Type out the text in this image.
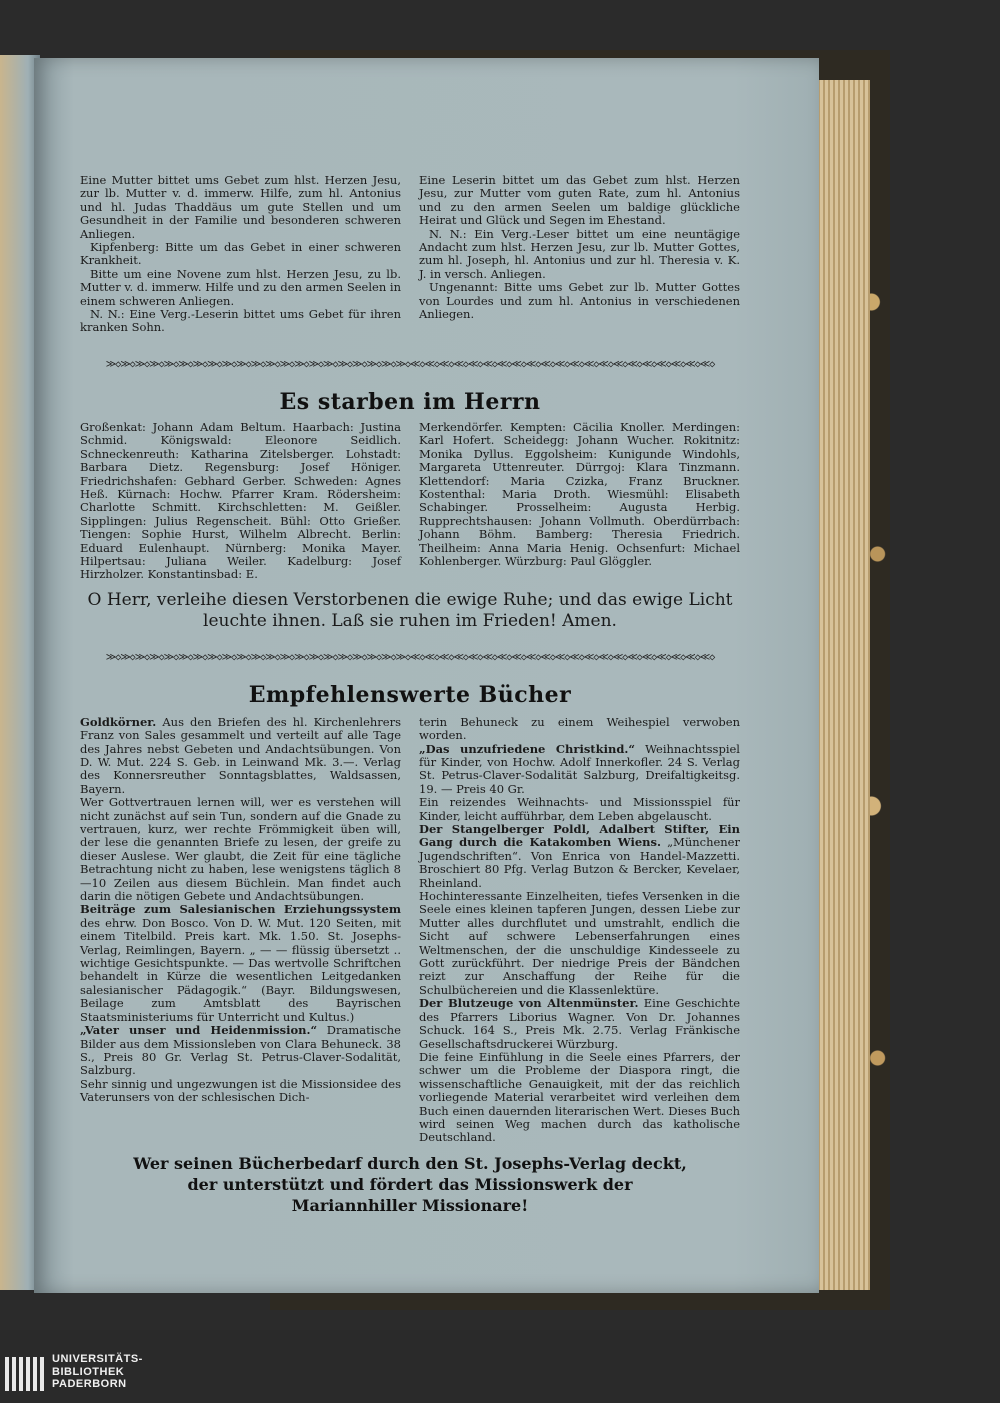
Eine Mutter bittet ums Gebet zum hlst. Herzen Jesu, zur lb. Mutter v. d. immerw. Hilfe, zum hl. Antonius und hl. Judas Thaddäus um gute Stellen und um Gesundheit in der Familie und besonderen schweren Anliegen.

Kipfenberg: Bitte um das Gebet in einer schweren Krankheit.

Bitte um eine Novene zum hlst. Herzen Jesu, zu lb. Mutter v. d. immerw. Hilfe und zu den armen Seelen in einem schweren Anliegen.

N. N.: Eine Verg.-Leserin bittet ums Gebet für ihren kranken Sohn.

Eine Leserin bittet um das Gebet zum hlst. Herzen Jesu, zur Mutter vom guten Rate, zum hl. Antonius und zu den armen Seelen um baldige glückliche Heirat und Glück und Segen im Ehestand.

N. N.: Ein Verg.-Leser bittet um eine neuntägige Andacht zum hlst. Herzen Jesu, zur lb. Mutter Gottes, zum hl. Joseph, hl. Antonius und zur hl. Theresia v. K. J. in versch. Anliegen.

Ungenannt: Bitte ums Gebet zur lb. Mutter Gottes von Lourdes und zum hl. Antonius in verschiedenen Anliegen.

≫◇≫◇≫◇≫◇≫◇≫◇≫◇≫◇≫◇≫◇≫◇≫◇≫◇≫◇≫◇≫◇≫◇≫◇≫◇≫◇≫◇≪◇≪◇≪◇≪◇≪◇≪◇≪◇≪◇≪◇≪◇≪◇≪◇≪◇≪◇≪◇≪◇≪◇≪◇≪◇≪◇≪◇
Es starben im Herrn
Großenkat: Johann Adam Beltum. Haarbach: Justina Schmid. Königswald: Eleonore Seidlich. Schneckenreuth: Katharina Zitelsberger. Lohstadt: Barbara Dietz. Regensburg: Josef Höniger. Friedrichshafen: Gebhard Gerber. Schweden: Agnes Heß. Kürnach: Hochw. Pfarrer Kram. Rödersheim: Charlotte Schmitt. Kirchschletten: M. Geißler. Sipplingen: Julius Regenscheit. Bühl: Otto Grießer. Tiengen: Sophie Hurst, Wilhelm Albrecht. Berlin: Eduard Eulenhaupt. Nürnberg: Monika Mayer. Hilpertsau: Juliana Weiler. Kadelburg: Josef Hirzholzer. Konstantinsbad: E.
Merkendörfer. Kempten: Cäcilia Knoller. Merdingen: Karl Hofert. Scheidegg: Johann Wucher. Rokitnitz: Monika Dyllus. Eggolsheim: Kunigunde Windohls, Margareta Uttenreuter. Dürrgoj: Klara Tinzmann. Klettendorf: Maria Czizka, Franz Bruckner. Kostenthal: Maria Droth. Wiesmühl: Elisabeth Schabinger. Prosselheim: Augusta Herbig. Rupprechtshausen: Johann Vollmuth. Oberdürrbach: Johann Böhm. Bamberg: Theresia Friedrich. Theilheim: Anna Maria Henig. Ochsenfurt: Michael Kohlenberger. Würzburg: Paul Glöggler.

O Herr, verleihe diesen Verstorbenen die ewige Ruhe; und das ewige Licht leuchte ihnen. Laß sie ruhen im Frieden! Amen.

≫◇≫◇≫◇≫◇≫◇≫◇≫◇≫◇≫◇≫◇≫◇≫◇≫◇≫◇≫◇≫◇≫◇≫◇≫◇≫◇≫◇≪◇≪◇≪◇≪◇≪◇≪◇≪◇≪◇≪◇≪◇≪◇≪◇≪◇≪◇≪◇≪◇≪◇≪◇≪◇≪◇≪◇
Empfehlenswerte Bücher

Goldkörner. Aus den Briefen des hl. Kirchenlehrers Franz von Sales gesammelt und verteilt auf alle Tage des Jahres nebst Gebeten und Andachtsübungen. Von D. W. Mut. 224 S. Geb. in Leinwand Mk. 3.—. Verlag des Konnersreuther Sonntagsblattes, Waldsassen, Bayern.

Wer Gottvertrauen lernen will, wer es verstehen will nicht zunächst auf sein Tun, sondern auf die Gnade zu vertrauen, kurz, wer rechte Frömmigkeit üben will, der lese die genannten Briefe zu lesen, der greife zu dieser Auslese. Wer glaubt, die Zeit für eine tägliche Betrachtung nicht zu haben, lese wenigstens täglich 8—10 Zeilen aus diesem Büchlein. Man findet auch darin die nötigen Gebete und Andachtsübungen.

Beiträge zum Salesianischen Erziehungssystem des ehrw. Don Bosco. Von D. W. Mut. 120 Seiten, mit einem Titelbild. Preis kart. Mk. 1.50. St. Josephs-Verlag, Reimlingen, Bayern. „ — — flüssig übersetzt .. wichtige Gesichtspunkte. — Das wertvolle Schriftchen behandelt in Kürze die wesentlichen Leitgedanken salesianischer Pädagogik.“ (Bayr. Bildungswesen, Beilage zum Amtsblatt des Bayrischen Staatsministeriums für Unterricht und Kultus.)

„Vater unser und Heidenmission.“ Dramatische Bilder aus dem Missionsleben von Clara Behuneck. 38 S., Preis 80 Gr. Verlag St. Petrus-Claver-Sodalität, Salzburg.

Sehr sinnig und ungezwungen ist die Missionsidee des Vaterunsers von der schlesischen Dich-

terin Behuneck zu einem Weihespiel verwoben worden.

„Das unzufriedene Christkind.“ Weihnachtsspiel für Kinder, von Hochw. Adolf Innerkofler. 24 S. Verlag St. Petrus-Claver-Sodalität Salzburg, Dreifaltigkeitsg. 19. — Preis 40 Gr.

Ein reizendes Weihnachts- und Missionsspiel für Kinder, leicht aufführbar, dem Leben abgelauscht.

Der Stangelberger Poldl, Adalbert Stifter, Ein Gang durch die Katakomben Wiens. „Münchener Jugendschriften“. Von Enrica von Handel-Mazzetti. Broschiert 80 Pfg. Verlag Butzon & Bercker, Kevelaer, Rheinland.

Hochinteressante Einzelheiten, tiefes Versenken in die Seele eines kleinen tapferen Jungen, dessen Liebe zur Mutter alles durchflutet und umstrahlt, endlich die Sicht auf schwere Lebenserfahrungen eines Weltmenschen, der die unschuldige Kindesseele zu Gott zurückführt. Der niedrige Preis der Bändchen reizt zur Anschaffung der Reihe für die Schulbüchereien und die Klassenlektüre.

Der Blutzeuge von Altenmünster. Eine Geschichte des Pfarrers Liborius Wagner. Von Dr. Johannes Schuck. 164 S., Preis Mk. 2.75. Verlag Fränkische Gesellschaftsdruckerei Würzburg.

Die feine Einfühlung in die Seele eines Pfarrers, der schwer um die Probleme der Diaspora ringt, die wissenschaftliche Genauigkeit, mit der das reichlich vorliegende Material verarbeitet wird verleihen dem Buch einen dauernden literarischen Wert. Dieses Buch wird seinen Weg machen durch das katholische Deutschland.

Wer seinen Bücherbedarf durch den St. Josephs-Verlag deckt,
der unterstützt und fördert das Missionswerk der
Mariannhiller Missionare!
UNIVERSITÄTS-
BIBLIOTHEK
PADERBORN
